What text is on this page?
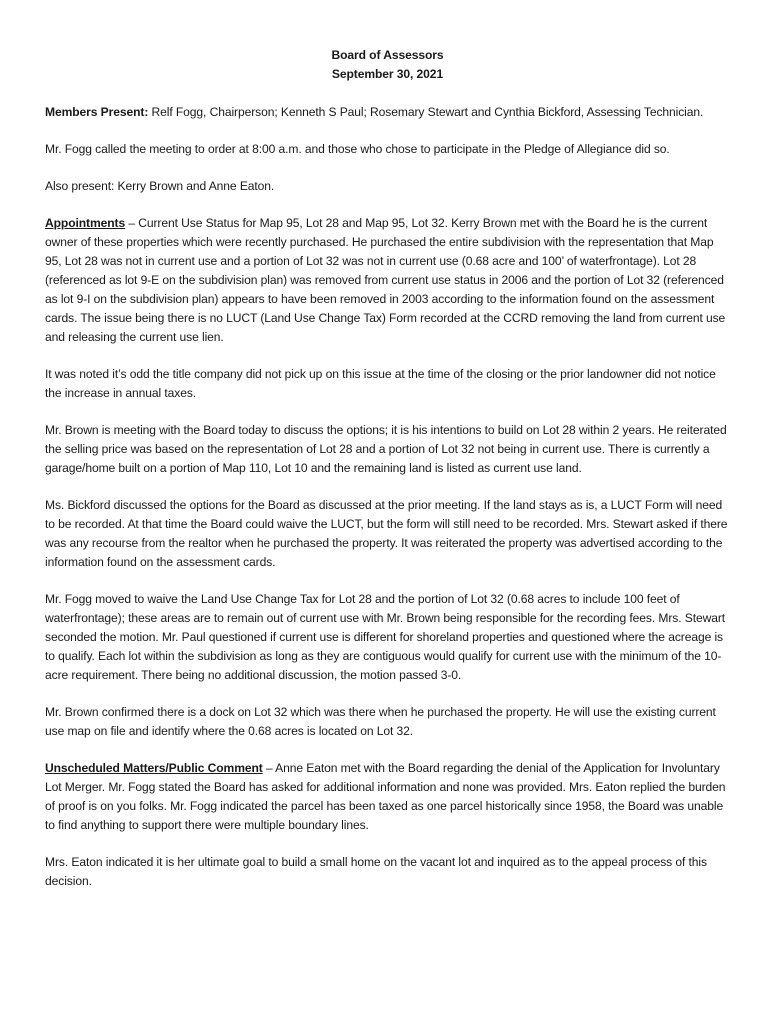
Board of Assessors
September 30, 2021

Members Present: Relf Fogg, Chairperson; Kenneth S Paul; Rosemary Stewart and Cynthia Bickford, Assessing Technician.

Mr. Fogg called the meeting to order at 8:00 a.m. and those who chose to participate in the Pledge of Allegiance did so.

Also present: Kerry Brown and Anne Eaton.

Appointments – Current Use Status for Map 95, Lot 28 and Map 95, Lot 32. Kerry Brown met with the Board he is the current owner of these properties which were recently purchased. He purchased the entire subdivision with the representation that Map 95, Lot 28 was not in current use and a portion of Lot 32 was not in current use (0.68 acre and 100’ of waterfrontage). Lot 28 (referenced as lot 9-E on the subdivision plan) was removed from current use status in 2006 and the portion of Lot 32 (referenced as lot 9-I on the subdivision plan) appears to have been removed in 2003 according to the information found on the assessment cards. The issue being there is no LUCT (Land Use Change Tax) Form recorded at the CCRD removing the land from current use and releasing the current use lien.

It was noted it’s odd the title company did not pick up on this issue at the time of the closing or the prior landowner did not notice the increase in annual taxes.

Mr. Brown is meeting with the Board today to discuss the options; it is his intentions to build on Lot 28 within 2 years. He reiterated the selling price was based on the representation of Lot 28 and a portion of Lot 32 not being in current use. There is currently a garage/home built on a portion of Map 110, Lot 10 and the remaining land is listed as current use land.

Ms. Bickford discussed the options for the Board as discussed at the prior meeting. If the land stays as is, a LUCT Form will need to be recorded. At that time the Board could waive the LUCT, but the form will still need to be recorded. Mrs. Stewart asked if there was any recourse from the realtor when he purchased the property. It was reiterated the property was advertised according to the information found on the assessment cards.

Mr. Fogg moved to waive the Land Use Change Tax for Lot 28 and the portion of Lot 32 (0.68 acres to include 100 feet of waterfrontage); these areas are to remain out of current use with Mr. Brown being responsible for the recording fees. Mrs. Stewart seconded the motion. Mr. Paul questioned if current use is different for shoreland properties and questioned where the acreage is to qualify. Each lot within the subdivision as long as they are contiguous would qualify for current use with the minimum of the 10- acre requirement. There being no additional discussion, the motion passed 3-0.

Mr. Brown confirmed there is a dock on Lot 32 which was there when he purchased the property. He will use the existing current use map on file and identify where the 0.68 acres is located on Lot 32.

Unscheduled Matters/Public Comment – Anne Eaton met with the Board regarding the denial of the Application for Involuntary Lot Merger. Mr. Fogg stated the Board has asked for additional information and none was provided. Mrs. Eaton replied the burden of proof is on you folks. Mr. Fogg indicated the parcel has been taxed as one parcel historically since 1958, the Board was unable to find anything to support there were multiple boundary lines.

Mrs. Eaton indicated it is her ultimate goal to build a small home on the vacant lot and inquired as to the appeal process of this decision.
